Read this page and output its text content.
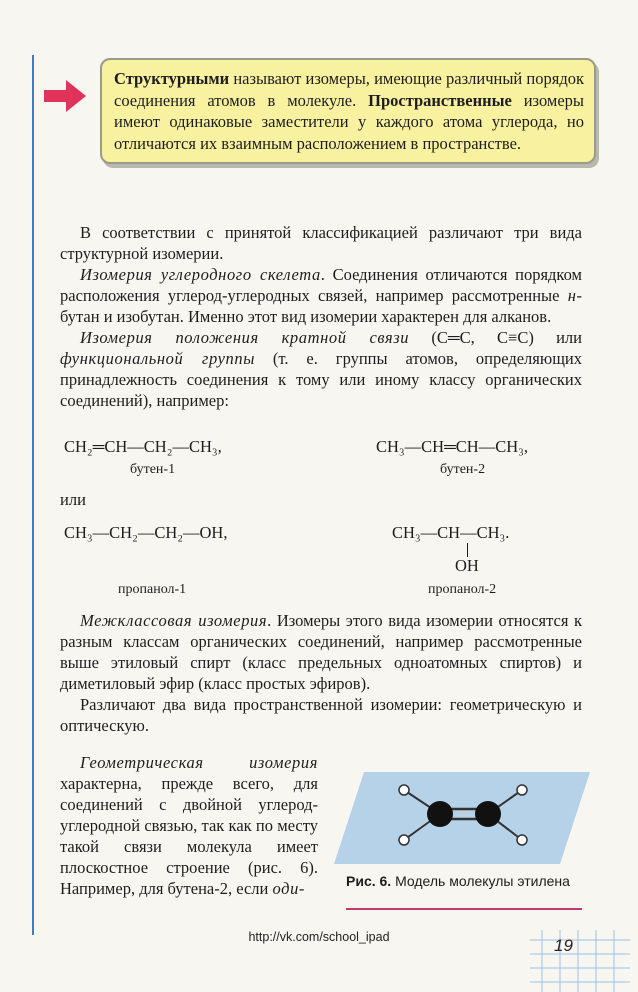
Структурными называют изомеры, имеющие различный порядок соединения атомов в молекуле. Пространственные изомеры имеют одинаковые заместители у каждого атома углерода, но отличаются их взаимным расположением в пространстве.

В соответствии с принятой классификацией различают три вида структурной изомерии.

Изомерия углеродного скелета. Соединения отличаются порядком расположения углерод-углеродных связей, например рассмотренные н-бутан и изобутан. Именно этот вид изомерии характерен для алканов.

Изомерия положения кратной связи (C═C, C≡C) или функциональной группы (т. е. группы атомов, определяющих принадлежность соединения к тому или иному классу органических соединений), например:

CH₂═CH—CH₂—CH₃,
бутен-1
CH₃—CH═CH—CH₃,
бутен-2
или
CH₃—CH₂—CH₂—OH,	CH₃—CH—CH₃.
OH
пропанол-1	пропанол-2

Межклассовая изомерия. Изомеры этого вида изомерии относятся к разным классам органических соединений, например рассмотренные выше этиловый спирт (класс предельных одноатомных спиртов) и диметиловый эфир (класс простых эфиров).

Различают два вида пространственной изомерии: геометрическую и оптическую.

Геометрическая изомерия характерна, прежде всего, для соединений с двойной углерод-углеродной связью, так как по месту такой связи молекула имеет плоскостное строение (рис. 6). Например, для бутена-2, если оди-	Рис. 6. Модель молекулы этилена
http://vk.com/school_ipad	19
